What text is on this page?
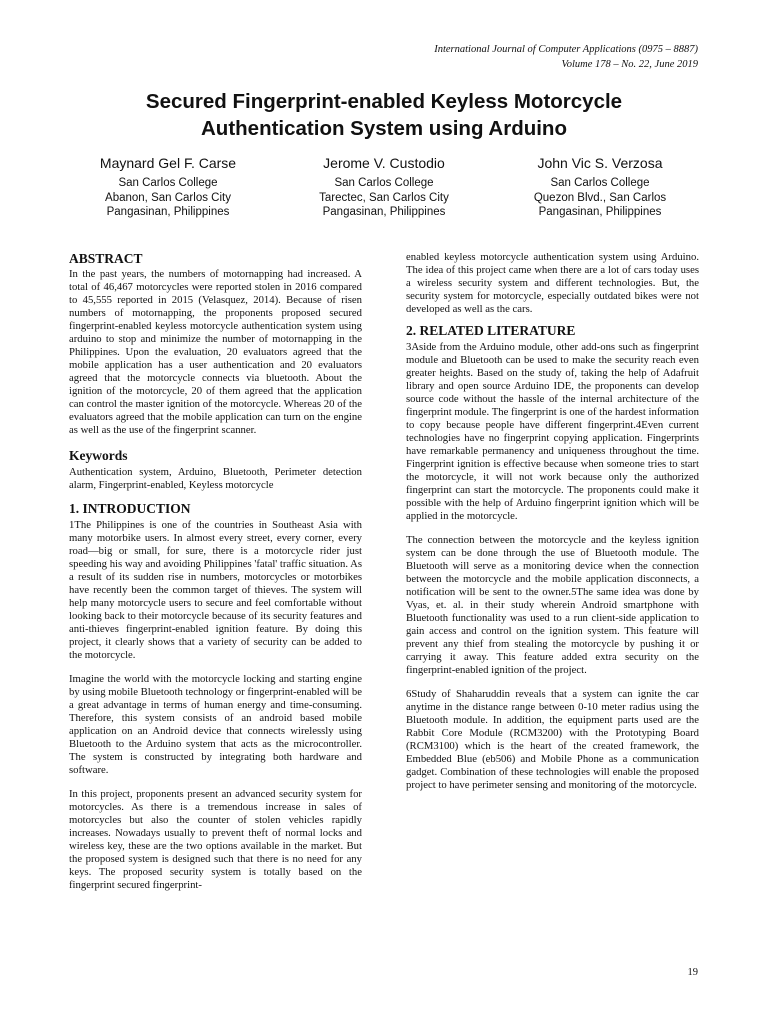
International Journal of Computer Applications (0975 – 8887)
Volume 178 – No. 22, June 2019
Secured Fingerprint-enabled Keyless Motorcycle
Authentication System using Arduino
Maynard Gel F. Carse
San Carlos College
Abanon, San Carlos City
Pangasinan, Philippines
Jerome V. Custodio
San Carlos College
Tarectec, San Carlos City
Pangasinan, Philippines
John Vic S. Verzosa
San Carlos College
Quezon Blvd., San Carlos
Pangasinan, Philippines
ABSTRACT

In the past years, the numbers of motornapping had increased. A total of 46,467 motorcycles were reported stolen in 2016 compared to 45,555 reported in 2015 (Velasquez, 2014). Because of risen numbers of motornapping, the proponents proposed secured fingerprint-enabled keyless motorcycle authentication system using arduino to stop and minimize the number of motornapping in the Philippines. Upon the evaluation, 20 evaluators agreed that the mobile application has a user authentication and 20 evaluators agreed that the motorcycle connects via bluetooth. About the ignition of the motorcycle, 20 of them agreed that the application can control the master ignition of the motorcycle. Whereas 20 of the evaluators agreed that the mobile application can turn on the engine as well as the use of the fingerprint scanner.

Keywords

Authentication system, Arduino, Bluetooth, Perimeter detection alarm, Fingerprint-enabled, Keyless motorcycle

1. INTRODUCTION

1The Philippines is one of the countries in Southeast Asia with many motorbike users. In almost every street, every corner, every road—big or small, for sure, there is a motorcycle rider just speeding his way and avoiding Philippines 'fatal' traffic situation. As a result of its sudden rise in numbers, motorcycles or motorbikes have recently been the common target of thieves. The system will help many motorcycle users to secure and feel comfortable without looking back to their motorcycle because of its security features and anti-thieves fingerprint-enabled ignition feature. By doing this project, it clearly shows that a variety of security can be added to the motorcycle.

Imagine the world with the motorcycle locking and starting engine by using mobile Bluetooth technology or fingerprint-enabled will be a great advantage in terms of human energy and time-consuming. Therefore, this system consists of an android based mobile application on an Android device that connects wirelessly using Bluetooth to the Arduino system that acts as the microcontroller. The system is constructed by integrating both hardware and software.

In this project, proponents present an advanced security system for motorcycles. As there is a tremendous increase in sales of motorcycles but also the counter of stolen vehicles rapidly increases. Nowadays usually to prevent theft of normal locks and wireless key, these are the two options available in the market. But the proposed system is designed such that there is no need for any keys. The proposed security system is totally based on the fingerprint secured fingerprint-

enabled keyless motorcycle authentication system using Arduino. The idea of this project came when there are a lot of cars today uses a wireless security system and different technologies. But, the security system for motorcycle, especially outdated bikes were not developed as well as the cars.

2. RELATED LITERATURE

3Aside from the Arduino module, other add-ons such as fingerprint module and Bluetooth can be used to make the security reach even greater heights. Based on the study of, taking the help of Adafruit library and open source Arduino IDE, the proponents can develop source code without the hassle of the internal architecture of the fingerprint module. The fingerprint is one of the hardest information to copy because people have different fingerprint.4Even current technologies have no fingerprint copying application. Fingerprints have remarkable permanency and uniqueness throughout the time. Fingerprint ignition is effective because when someone tries to start the motorcycle, it will not work because only the authorized fingerprint can start the motorcycle. The proponents could make it possible with the help of Arduino fingerprint ignition which will be applied in the motorcycle.

The connection between the motorcycle and the keyless ignition system can be done through the use of Bluetooth module. The Bluetooth will serve as a monitoring device when the connection between the motorcycle and the mobile application disconnects, a notification will be sent to the owner.5The same idea was done by Vyas, et. al. in their study wherein Android smartphone with Bluetooth functionality was used to a run client-side application to gain access and control on the ignition system. This feature will prevent any thief from stealing the motorcycle by pushing it or carrying it away. This feature added extra security on the fingerprint-enabled ignition of the project.

6Study of Shaharuddin reveals that a system can ignite the car anytime in the distance range between 0-10 meter radius using the Bluetooth module. In addition, the equipment parts used are the Rabbit Core Module (RCM3200) with the Prototyping Board (RCM3100) which is the heart of the created framework, the Embedded Blue (eb506) and Mobile Phone as a communication gadget. Combination of these technologies will enable the proposed project to have perimeter sensing and monitoring of the motorcycle.

19
